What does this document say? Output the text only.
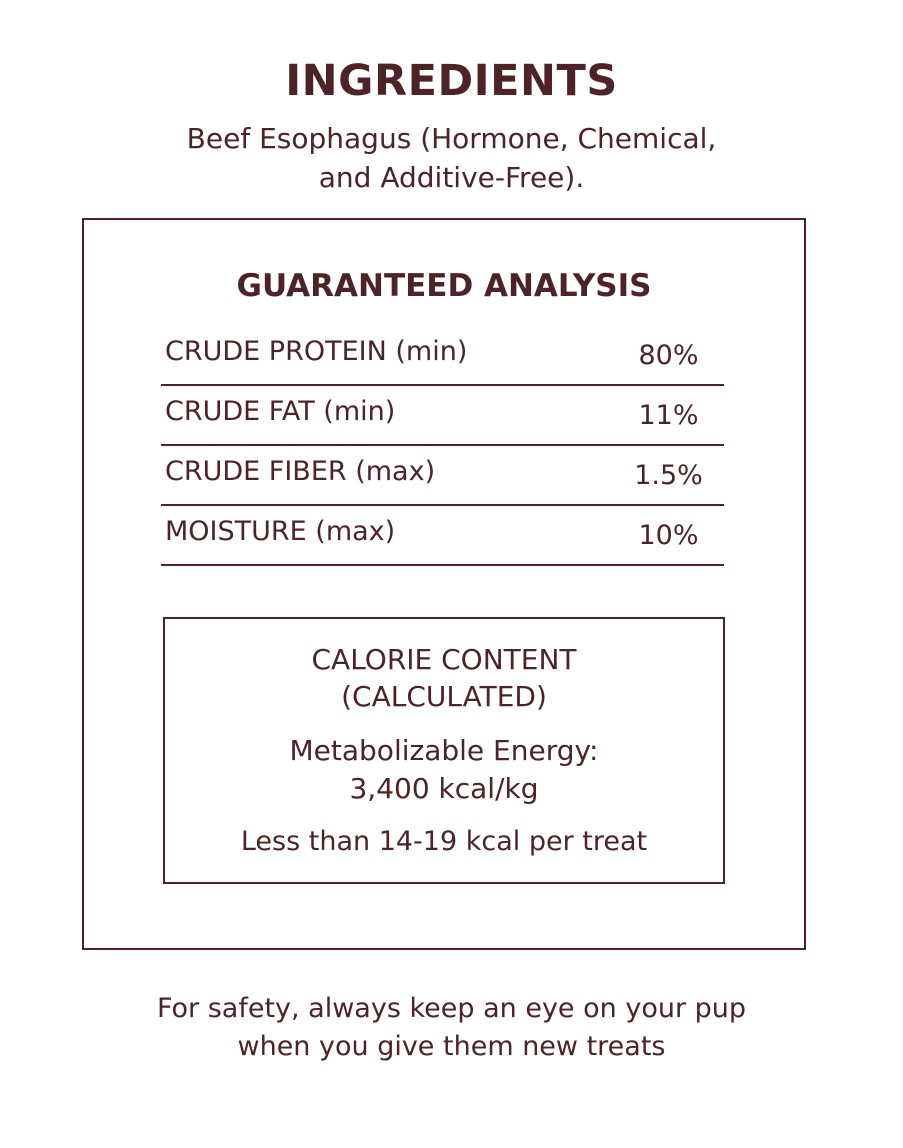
INGREDIENTS
Beef Esophagus (Hormone, Chemical,
and Additive-Free).
GUARANTEED ANALYSIS
CRUDE PROTEIN (min)	80%
CRUDE FAT (min)	11%
CRUDE FIBER (max)	1.5%
MOISTURE (max)	10%
CALORIE CONTENT
(CALCULATED)
Metabolizable Energy:
3,400 kcal/kg
Less than 14-19 kcal per treat
For safety, always keep an eye on your pup
when you give them new treats
